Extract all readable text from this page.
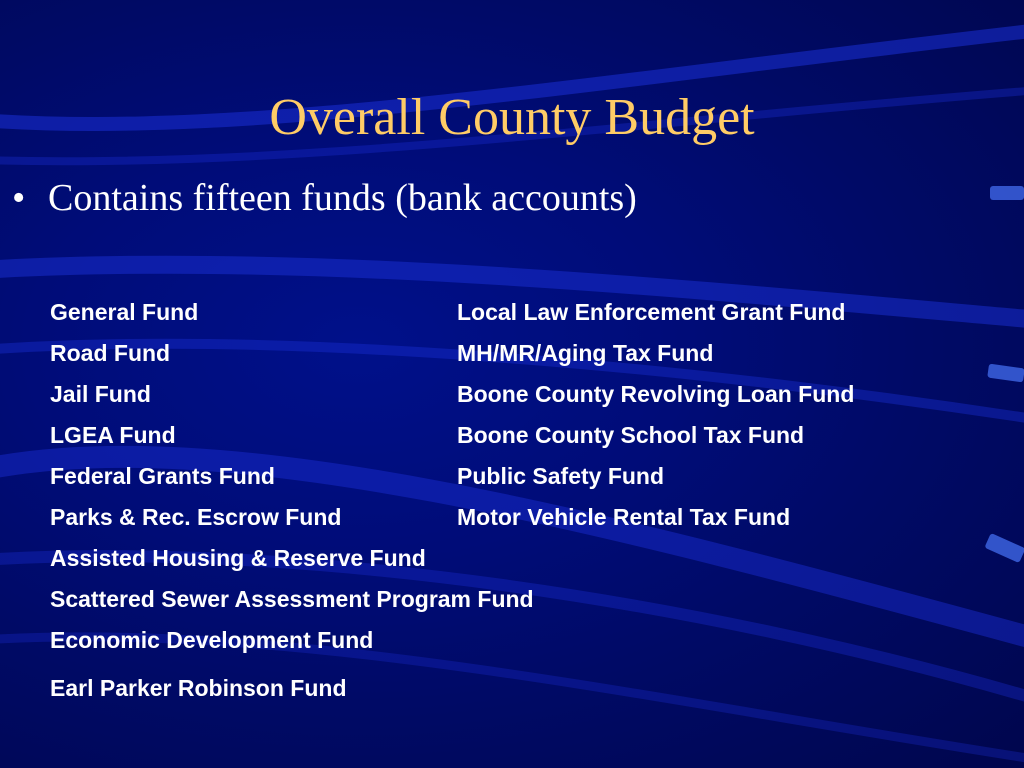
Overall County Budget
• Contains fifteen funds (bank accounts)
General Fund
Road Fund
Jail Fund
LGEA Fund
Federal Grants Fund
Parks & Rec. Escrow Fund
Assisted Housing & Reserve Fund
Scattered Sewer Assessment Program Fund
Economic Development Fund
Earl Parker Robinson Fund
Local Law Enforcement Grant Fund
MH/MR/Aging Tax Fund
Boone County Revolving Loan Fund
Boone County School Tax Fund
Public Safety Fund
Motor Vehicle Rental Tax Fund
